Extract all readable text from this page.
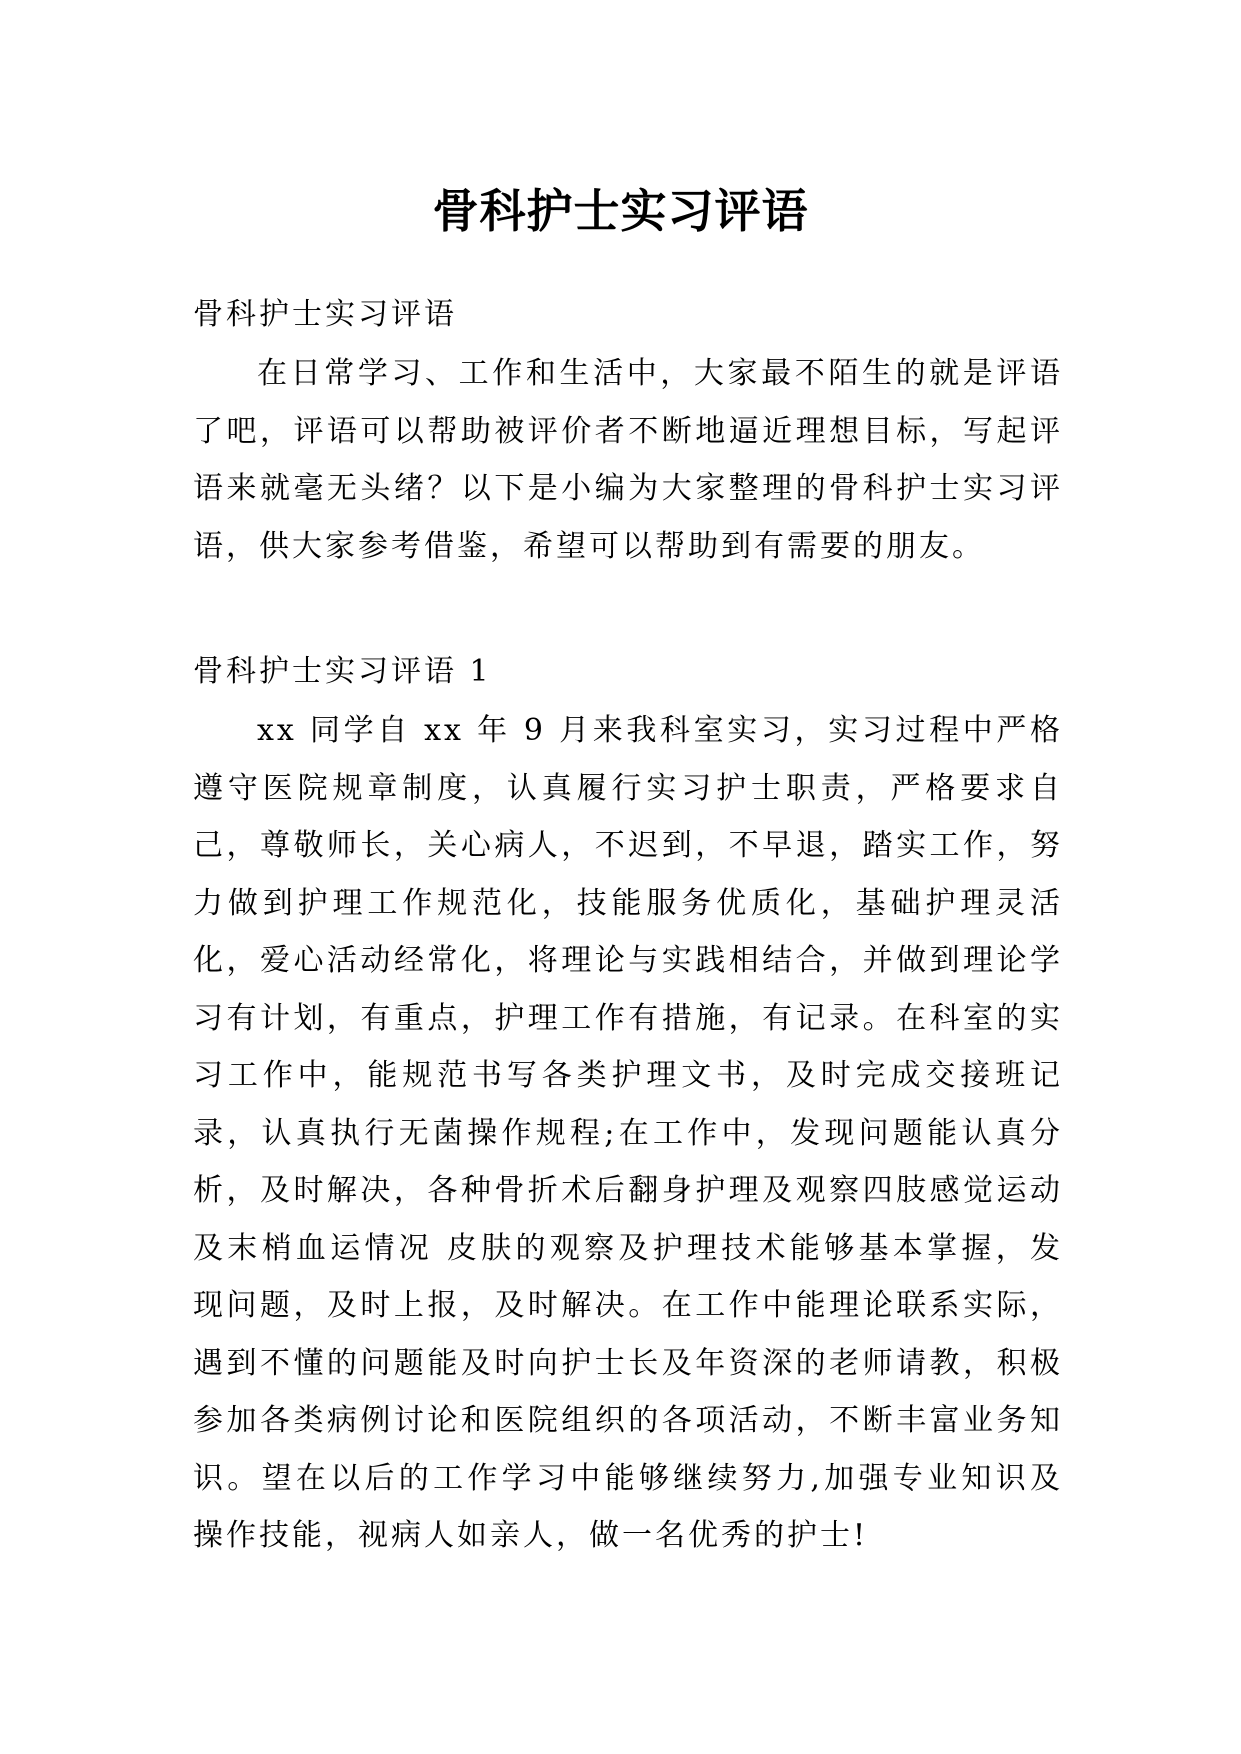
骨科护士实习评语

骨科护士实习评语

在日常学习、工作和生活中，大家最不陌生的就是评语了吧，评语可以帮助被评价者不断地逼近理想目标，写起评语来就毫无头绪？以下是小编为大家整理的骨科护士实习评语，供大家参考借鉴，希望可以帮助到有需要的朋友。

骨科护士实习评语 1

xx 同学自 xx 年 9 月来我科室实习，实习过程中严格遵守医院规章制度，认真履行实习护士职责，严格要求自己，尊敬师长，关心病人，不迟到，不早退，踏实工作，努力做到护理工作规范化，技能服务优质化，基础护理灵活化，爱心活动经常化，将理论与实践相结合，并做到理论学习有计划，有重点，护理工作有措施，有记录。在科室的实习工作中，能规范书写各类护理文书，及时完成交接班记录，认真执行无菌操作规程;在工作中，发现问题能认真分析，及时解决，各种骨折术后翻身护理及观察四肢感觉运动及末梢血运情况 皮肤的观察及护理技术能够基本掌握，发现问题，及时上报，及时解决。在工作中能理论联系实际，遇到不懂的问题能及时向护士长及年资深的老师请教，积极参加各类病例讨论和医院组织的各项活动，不断丰富业务知识。望在以后的工作学习中能够继续努力,加强专业知识及操作技能，视病人如亲人，做一名优秀的护士!
